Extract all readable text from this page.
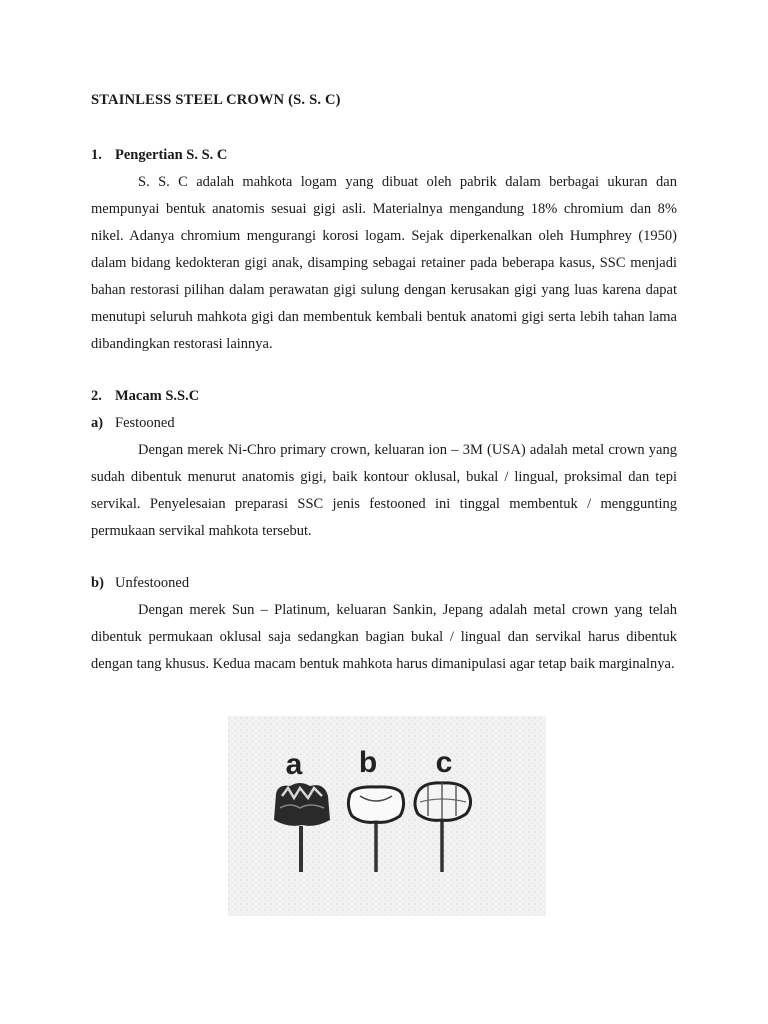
STAINLESS STEEL CROWN (S. S. C)
1. Pengertian S. S. C

S. S. C adalah mahkota logam yang dibuat oleh pabrik dalam berbagai ukuran dan mempunyai bentuk anatomis sesuai gigi asli. Materialnya mengandung 18% chromium dan 8% nikel. Adanya chromium mengurangi korosi logam. Sejak diperkenalkan oleh Humphrey (1950) dalam bidang kedokteran gigi anak, disamping sebagai retainer pada beberapa kasus, SSC menjadi bahan restorasi pilihan dalam perawatan gigi sulung dengan kerusakan gigi yang luas karena dapat menutupi seluruh mahkota gigi dan membentuk kembali bentuk anatomi gigi serta lebih tahan lama dibandingkan restorasi lainnya.

2. Macam S.S.C
a) Festooned

Dengan merek Ni-Chro primary crown, keluaran ion – 3M (USA) adalah metal crown yang sudah dibentuk menurut anatomis gigi, baik kontour oklusal, bukal / lingual, proksimal dan tepi servikal. Penyelesaian preparasi SSC jenis festooned ini tinggal membentuk / menggunting permukaan servikal mahkota tersebut.

b) Unfestooned

Dengan merek Sun – Platinum, keluaran Sankin, Jepang adalah metal crown yang telah dibentuk permukaan oklusal saja sedangkan bagian bukal / lingual dan servikal harus dibentuk dengan tang khusus. Kedua macam bentuk mahkota harus dimanipulasi agar tetap baik marginalnya.

a b c
